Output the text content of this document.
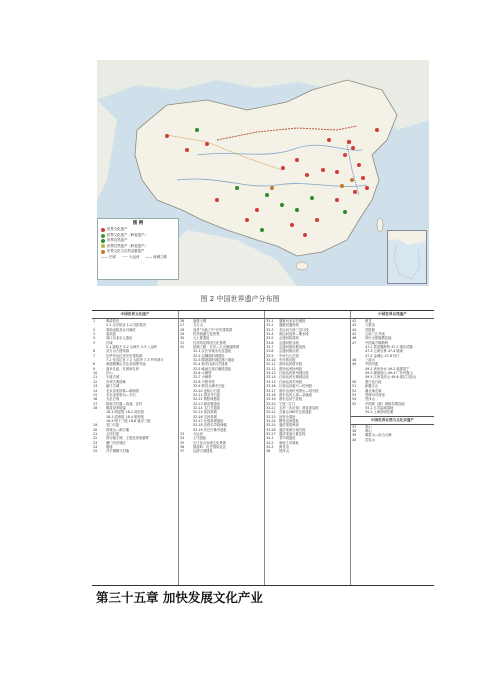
图 例
世界文化遗产
世界文化遗产（跨省遗产）
世界自然遗产
世界自然遗产（跨省遗产）
世界文化与自然双重遗产
—— 长城 ······ 大运河 —— 丝绸之路
图 2 中国世界遗产分布图
中国世界文化遗产
1	明清故宫
1-1 北京故宫 1-2 沈阳故宫
2	秦始皇陵及兵马俑坑
3	莫高窟
4	周口店北京人遗址
5	长城
5-1 嘉峪关 5-2 山海关 5-3 八达岭
6	武当山古建筑群
7	拉萨布达拉宫历史建筑群
7-1 布达拉宫 7-2 大昭寺 7-3 罗布林卡
8	承德避暑山庄及其周围寺庙
9	曲阜孔庙、孔林和孔府
10	庐山
11	平遥古城
12	苏州古典园林
13	丽江古城
14	北京皇家园林—颐和园
15	北京皇家祭坛—天坛
16	大足石刻
17	皖南古村落—西递、宏村
18	明清皇家陵寝
18-1 明显陵 18-2 清东陵
18-3 清西陵 18-4 明孝陵
18-5 明十三陵 18-6 盛京三陵
19	龙门石窟
20	青城山—都江堰
21	云冈石窟
22	高句丽王城、王陵及贵族墓葬
23	澳门历史城区
24	殷墟
25	开平碉楼与村落
26	福建土楼
27	五台山
28	登封"天地之中"历史建筑群
29	杭州西湖文化景观
30	元上都遗址
31	红河哈尼梯田文化景观
32	丝绸之路：长安—天山廊道路网
32-1 汉长安城未央宫遗址
32-2 汉魏洛阳城遗址
32-3 隋唐洛阳城定鼎门遗址
32-4 新安汉函谷关遗址
32-5 崤函古道石壕段遗址
32-6 大雁塔
32-7 小雁塔
32-8 兴教寺塔
32-9 彬县大佛寺石窟
32-10 麦积山石窟
32-11 炳灵寺石窟
32-12 锁阳城遗址
32-13 悬泉置遗址
32-14 玉门关遗址
32-15 高昌故城
32-16 交河故城
32-17 北庭故城遗址
32-18 克孜尔尕哈烽燧
32-19 苏巴什佛寺遗址
33	大运河
34	土司遗址
35	左江花山岩画文化景观
36	鼓浪屿：历史国际社区
37	良渚古城遗址
33-1	通惠河北京旧城段
33-2	通惠河通州段
33-3	北运河天津三岔口段
33-4	南运河沧州—衡水段
33-5	会通河临清段
33-6	会通河阳谷段
33-7	会通河南旺枢纽段
33-8	会通河微山段
33-9	中河台儿庄段
33-10	中河宿迁段
33-11	淮扬运河淮安段
33-12	淮扬运河扬州段
33-13	江南运河常州城区段
33-14	江南运河无锡城区段
33-15	江南运河苏州段
33-16	江南运河嘉兴—杭州段
33-17	浙东运河杭州萧山—绍兴段
33-18	浙东运河上虞—余姚段
33-19	浙东运河宁波段
33-20	宁波三江口
33-21	卫河（永济渠）滑县浚县段
33-22	含嘉仓160号仓窖遗址
33-23	回洛仓遗址
33-24	柳孜运河遗址
33-25	通济渠郑州段
33-26	通济渠商丘南关段
33-27	通济渠商丘夏邑段
34-1	老司城遗址
34-2	唐崖土司城址
34-3	海龙屯
38	梵净山
中国世界自然遗产
42	黄龙
43	九寨沟
44	武陵源
45	云南三江并流
46	四川大熊猫栖息地
47	中国南方喀斯特
47-1 荔波喀斯特 47-2 重庆武隆
47-3 云南石林 47-4 施秉
47-5 金佛山 47-6 环江
48	三清山
49	中国丹霞
49-1 贵州赤水 49-2 福建泰宁
49-3 湖南崀山 49-4 广东丹霞山
49-5 江西龙虎山 49-6 浙江江郎山
50	澄江化石地
51	新疆天山
52	湖北神农架
53	青海可可西里
54	梵净山
55	中国黄（渤）海候鸟栖息地
55-1 江苏盐城湿地
55-2 上海崇明东滩
中国世界自然与文化双遗产
37	泰山
38	黄山
39	峨眉山—乐山大佛
40	武夷山
第三十五章 加快发展文化产业
